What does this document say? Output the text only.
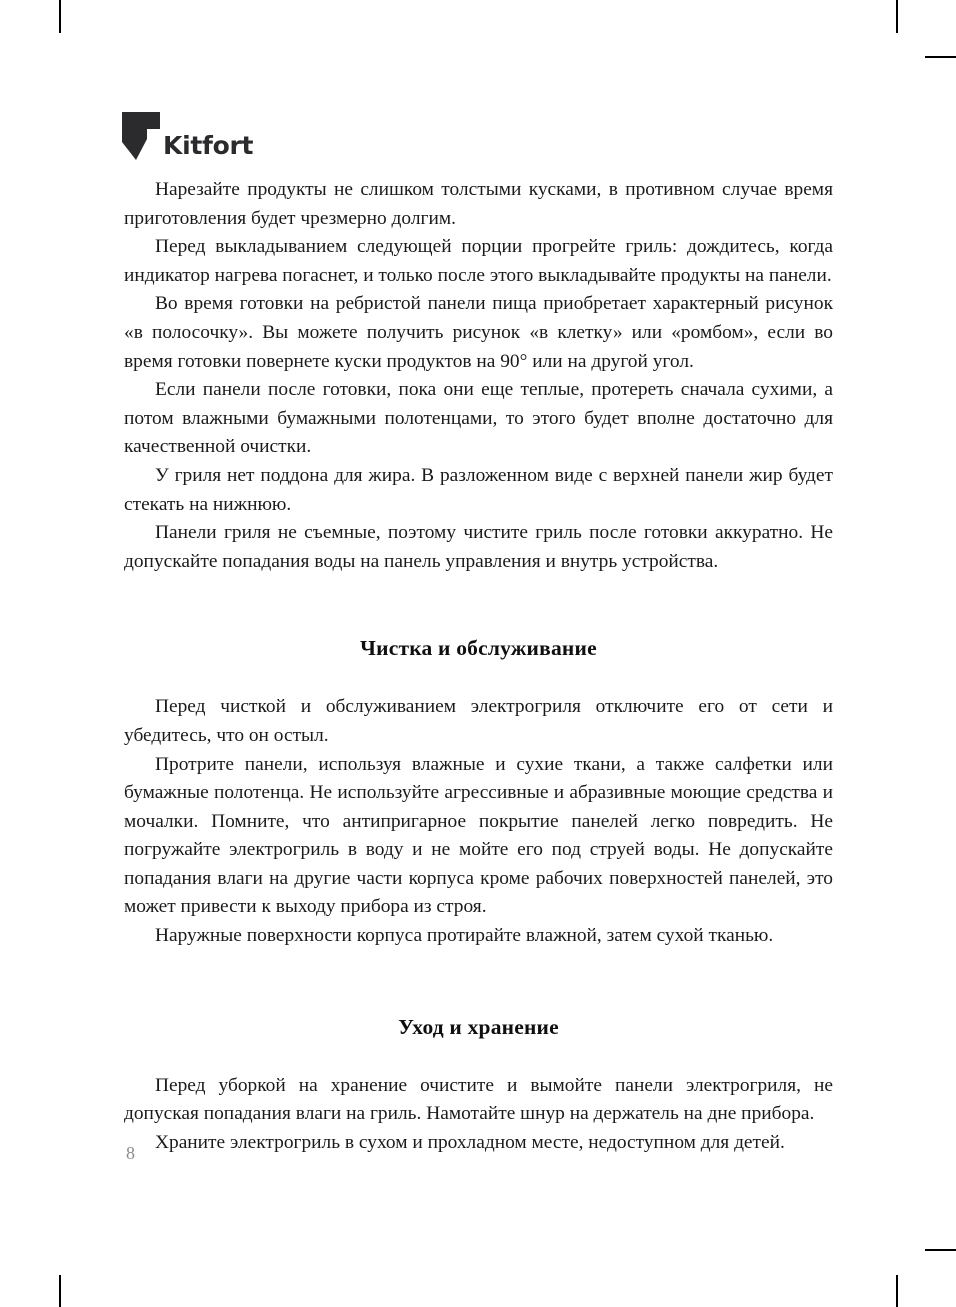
Kitfort

Нарезайте продукты не слишком толстыми кусками, в противном случае время приготовления будет чрезмерно долгим.

Перед выкладыванием следующей порции прогрейте гриль: дождитесь, когда индикатор нагрева погаснет, и только после этого выкладывайте продукты на панели.

Во время готовки на ребристой панели пища приобретает характерный рисунок «в полосочку». Вы можете получить рисунок «в клетку» или «ромбом», если во время готовки повернете куски продуктов на 90° или на другой угол.

Если панели после готовки, пока они еще теплые, протереть сначала сухими, а потом влажными бумажными полотенцами, то этого будет вполне достаточно для качественной очистки.

У гриля нет поддона для жира. В разложенном виде с верхней панели жир будет стекать на нижнюю.

Панели гриля не съемные, поэтому чистите гриль после готовки аккуратно. Не допускайте попадания воды на панель управления и внутрь устройства.

Чистка и обслуживание

Перед чисткой и обслуживанием электрогриля отключите его от сети и убедитесь, что он остыл.

Протрите панели, используя влажные и сухие ткани, а также салфетки или бумажные полотенца. Не используйте агрессивные и абразивные моющие средства и мочалки. Помните, что антипригарное покрытие панелей легко повредить. Не погружайте электрогриль в воду и не мойте его под струей воды. Не допускайте попадания влаги на другие части корпуса кроме рабочих поверхностей панелей, это может привести к выходу прибора из строя.

Наружные поверхности корпуса протирайте влажной, затем сухой тканью.

Уход и хранение

Перед уборкой на хранение очистите и вымойте панели электрогриля, не допуская попадания влаги на гриль. Намотайте шнур на держатель на дне прибора.

Храните электрогриль в сухом и прохладном месте, недоступном для детей.

8
